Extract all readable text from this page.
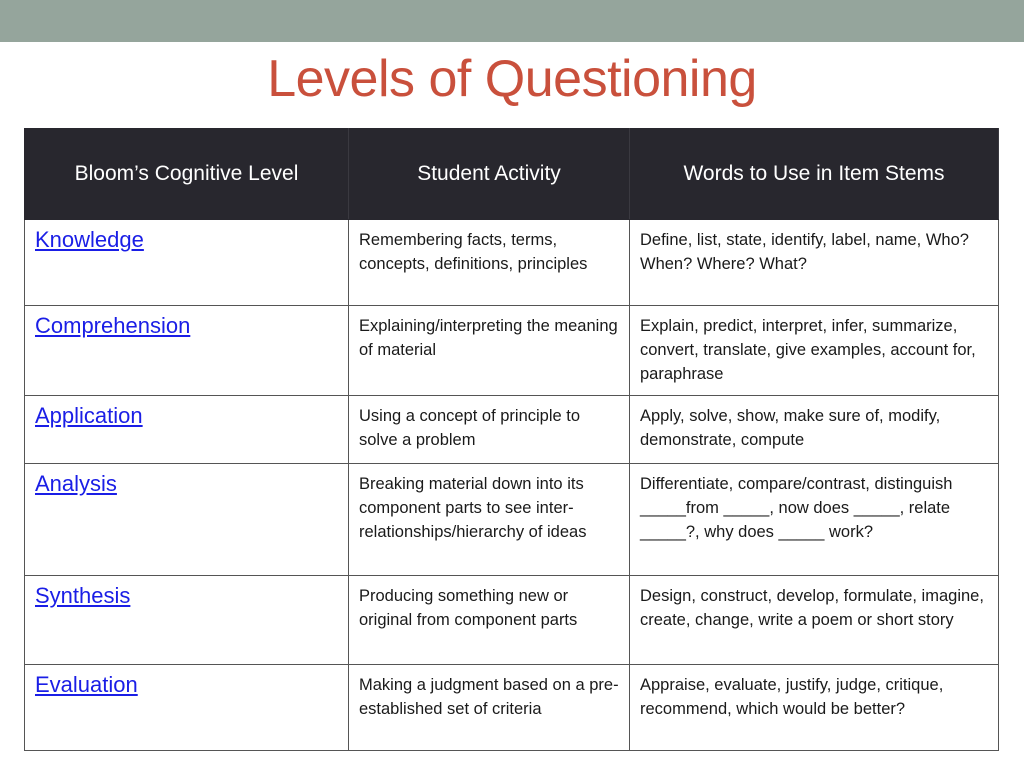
Levels of Questioning
Bloom’s Cognitive Level	Student Activity	Words to Use in Item Stems
Knowledge	Remembering facts, terms, concepts, definitions, principles	Define, list, state, identify, label, name, Who? When? Where? What?
Comprehension	Explaining/interpreting the meaning of material	Explain, predict, interpret, infer, summarize, convert, translate, give examples, account for, paraphrase
Application	Using a concept of principle to solve a problem	Apply, solve, show, make sure of, modify, demonstrate, compute
Analysis	Breaking material down into its component parts to see inter-relationships/hierarchy of ideas	Differentiate, compare/contrast, distinguish _____from _____, now does _____, relate _____?, why does _____ work?
Synthesis	Producing something new or original from component parts	Design, construct, develop, formulate, imagine, create, change, write a poem or short story
Evaluation	Making a judgment based on a pre-established set of criteria	Appraise, evaluate, justify, judge, critique, recommend, which would be better?
